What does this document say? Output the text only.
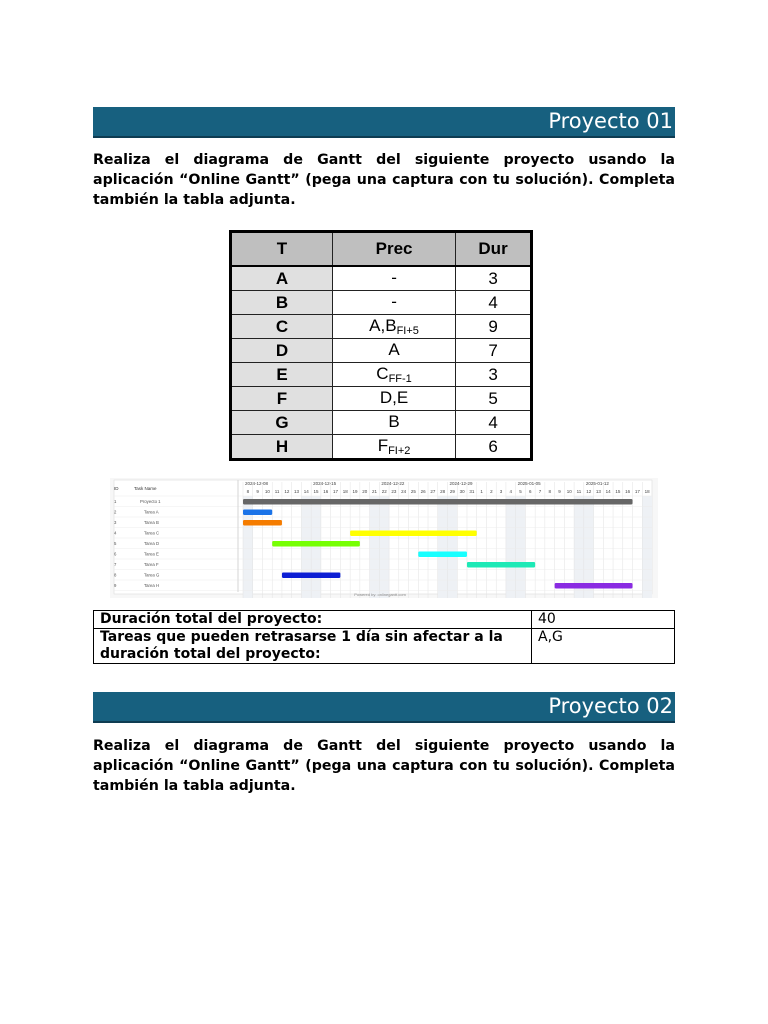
Proyecto 01
Realiza el diagrama de Gantt del siguiente proyecto usando la aplicación “Online Gantt” (pega una captura con tu solución). Completa también la tabla adjunta.
T	Prec	Dur
A	-	3
B	-	4
C	$A,B_{FI+5}$	9
D	A	7
E	$C_{FF-1}$	3
F	D,E	5
G	B	4
H	$F_{FI+2}$	6
8 9 10 11 12 13 14 15 16 17 18 19 20 21 22 23 24 25 26 27 28 29 30 31 1 2 3 4 5 6 7 8 9 10 11 12 13 14 15 16 17 18
2024-12-08	2024-12-15	2024-12-22	2024-12-29	2025-01-05	2025-01-12
ID	Task Name
1	Proyecto 1
2	Tarea A
3	Tarea B
4	Tarea C
5	Tarea D
6	Tarea E
7	Tarea F
8	Tarea G
9	Tarea H
Powered by: onlinegantt.com
Duración total del proyecto:	40
Tareas que pueden retrasarse 1 día sin afectar a la duración total del proyecto:	A,G
Proyecto 02
Realiza el diagrama de Gantt del siguiente proyecto usando la aplicación “Online Gantt” (pega una captura con tu solución). Completa también la tabla adjunta.
